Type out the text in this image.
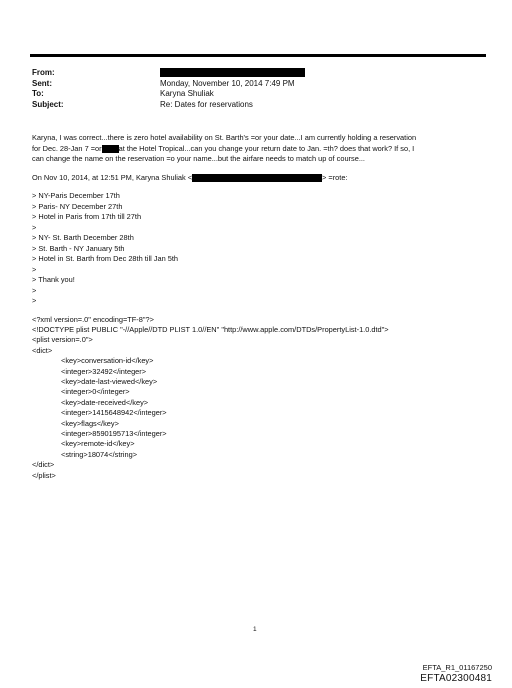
From:
Sent:	Monday, November 10, 2014 7:49 PM
To:	Karyna Shuliak
Subject:	Re: Dates for reservations
Karyna, I was correct...there is zero hotel availability on St. Barth's =or your date...I am currently holding a reservation
for Dec. 28-Jan 7 =or at the Hotel Tropical...can you change your return date to Jan. =th? does that work? If so, I
can change the name on the reservation =o your name...but the airfare needs to match up of course...
On Nov 10, 2014, at 12:51 PM, Karyna Shuliak <	> =rote:
> NY-Paris December 17th
> Paris- NY December 27th
> Hotel in Paris from 17th till 27th
>
> NY- St. Barth December 28th
> St. Barth - NY January 5th
> Hotel in St. Barth from Dec 28th till Jan 5th
>
> Thank you!
>
>
<?xml version=.0" encoding=TF-8"?>
<!DOCTYPE plist PUBLIC "-//Apple//DTD PLIST 1.0//EN" "http://www.apple.com/DTDs/PropertyList-1.0.dtd">
<plist version=.0">
<dict>
<key>conversation-id</key>
<integer>32492</integer>
<key>date-last-viewed</key>
<integer>0</integer>
<key>date-received</key>
<integer>1415648942</integer>
<key>flags</key>
<integer>8590195713</integer>
<key>remote-id</key>
<string>18074</string>
</dict>
</plist>
1
EFTA_R1_01167250
EFTA02300481
